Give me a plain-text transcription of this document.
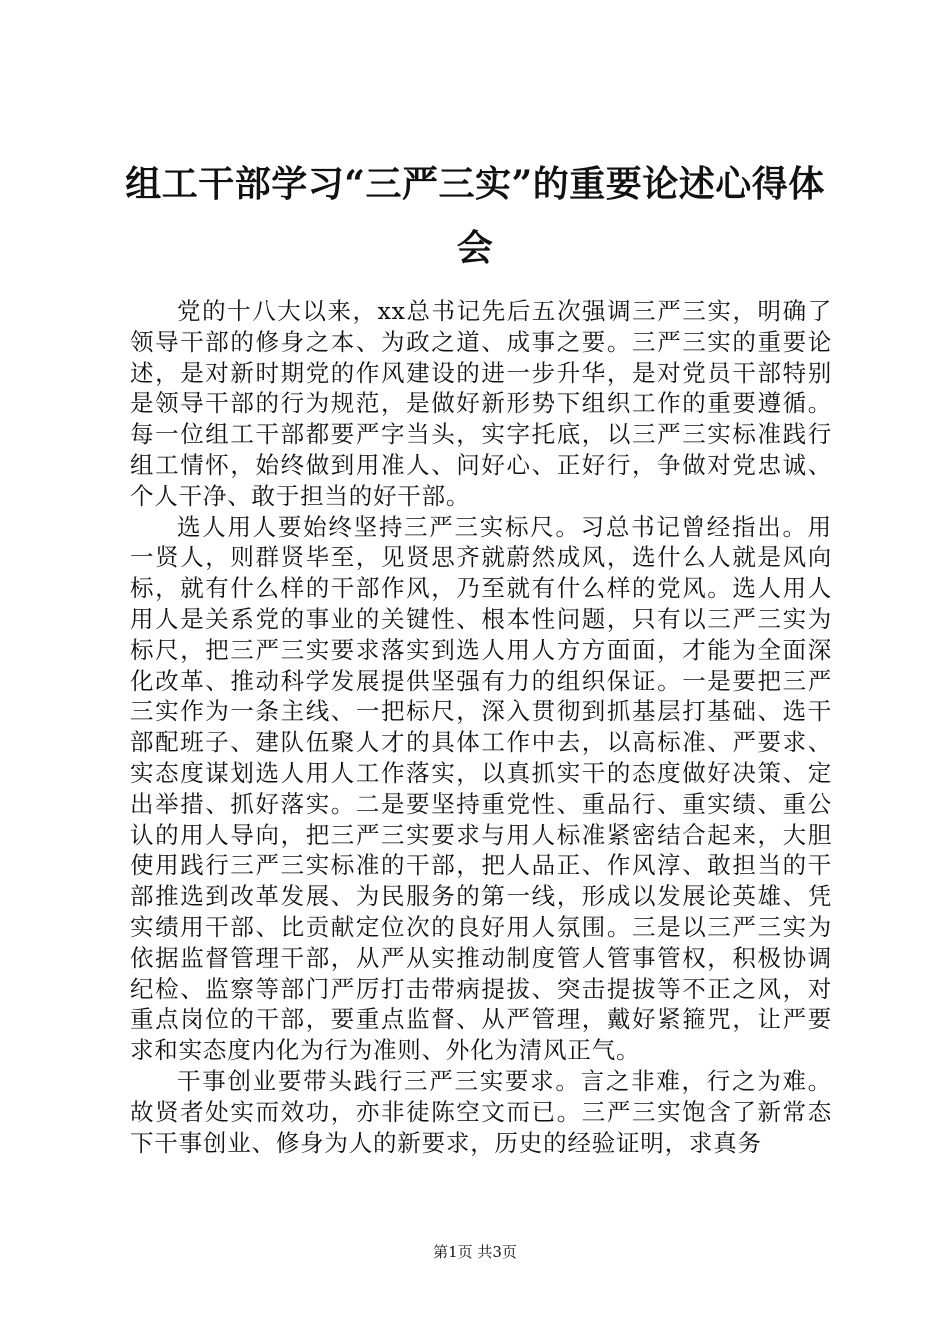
组工干部学习“三严三实”的重要论述心得体会

党的十八大以来，xx总书记先后五次强调三严三实，明确了领导干部的修身之本、为政之道、成事之要。三严三实的重要论述，是对新时期党的作风建设的进一步升华，是对党员干部特别是领导干部的行为规范，是做好新形势下组织工作的重要遵循。每一位组工干部都要严字当头，实字托底，以三严三实标准践行组工情怀，始终做到用准人、问好心、正好行，争做对党忠诚、个人干净、敢于担当的好干部。

选人用人要始终坚持三严三实标尺。习总书记曾经指出。用一贤人，则群贤毕至，见贤思齐就蔚然成风，选什么人就是风向标，就有什么样的干部作风，乃至就有什么样的党风。选人用人用人是关系党的事业的关键性、根本性问题，只有以三严三实为标尺，把三严三实要求落实到选人用人方方面面，才能为全面深化改革、推动科学发展提供坚强有力的组织保证。一是要把三严三实作为一条主线、一把标尺，深入贯彻到抓基层打基础、选干部配班子、建队伍聚人才的具体工作中去，以高标准、严要求、实态度谋划选人用人工作落实，以真抓实干的态度做好决策、定出举措、抓好落实。二是要坚持重党性、重品行、重实绩、重公认的用人导向，把三严三实要求与用人标准紧密结合起来，大胆使用践行三严三实标准的干部，把人品正、作风淳、敢担当的干部推选到改革发展、为民服务的第一线，形成以发展论英雄、凭实绩用干部、比贡献定位次的良好用人氛围。三是以三严三实为依据监督管理干部，从严从实推动制度管人管事管权，积极协调纪检、监察等部门严厉打击带病提拔、突击提拔等不正之风，对重点岗位的干部，要重点监督、从严管理，戴好紧箍咒，让严要求和实态度内化为行为准则、外化为清风正气。

干事创业要带头践行三严三实要求。言之非难，行之为难。故贤者处实而效功，亦非徒陈空文而已。三严三实饱含了新常态下干事创业、修身为人的新要求，历史的经验证明，求真务

第1页 共3页
